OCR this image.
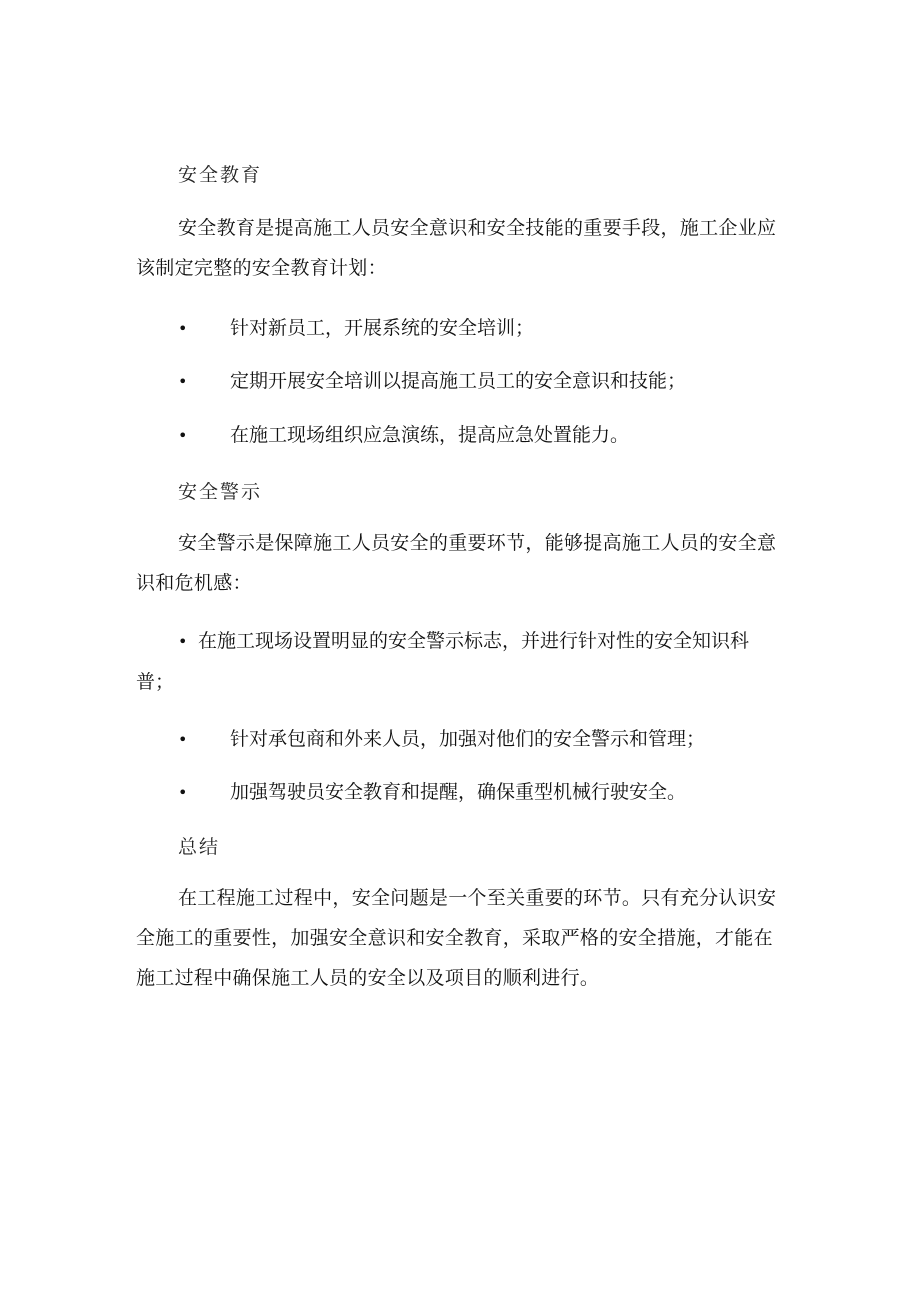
安全教育
安全教育是提高施工人员安全意识和安全技能的重要手段，施工企业应该制定完整的安全教育计划：
• 针对新员工，开展系统的安全培训；
• 定期开展安全培训以提高施工员工的安全意识和技能；
• 在施工现场组织应急演练，提高应急处置能力。
安全警示
安全警示是保障施工人员安全的重要环节，能够提高施工人员的安全意识和危机感：
• 在施工现场设置明显的安全警示标志，并进行针对性的安全知识科普；
• 针对承包商和外来人员，加强对他们的安全警示和管理；
• 加强驾驶员安全教育和提醒，确保重型机械行驶安全。
总结
在工程施工过程中，安全问题是一个至关重要的环节。只有充分认识安全施工的重要性，加强安全意识和安全教育，采取严格的安全措施，才能在施工过程中确保施工人员的安全以及项目的顺利进行。
